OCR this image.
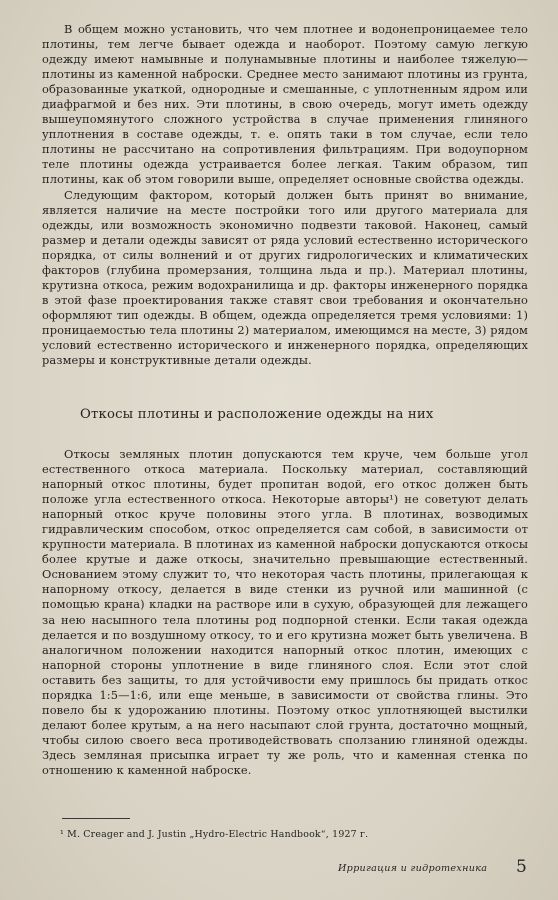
В общем можно установить, что чем плотнее и водонепроницаемее тело плотины, тем легче бывает одежда и наоборот. Поэтому самую легкую одежду имеют намывные и полунамывные плотины и наиболее тяжелую—плотины из каменной наброски. Среднее место занимают плотины из грунта, образованные укаткой, однородные и смешанные, с уплотненным ядром или диафрагмой и без них. Эти плотины, в свою очередь, могут иметь одежду вышеупомянутого сложного устройства в случае применения глиняного уплотнения в составе одежды, т. е. опять таки в том случае, если тело плотины не рассчитано на сопротивления фильтрациям. При водоупорном теле плотины одежда устраивается более легкая. Таким образом, тип плотины, как об этом говорили выше, определяет основные свойства одежды.

Следующим фактором, который должен быть принят во внимание, является наличие на месте постройки того или другого материала для одежды, или возможность экономично подвезти таковой. Наконец, самый размер и детали одежды зависят от ряда условий естественно исторического порядка, от силы волнений и от других гидрологических и климатических факторов (глубина промерзания, толщина льда и пр.). Материал плотины, крутизна откоса, режим водохранилища и др. факторы инженерного порядка в этой фазе проектирования также ставят свои требования и окончательно оформляют тип одежды. В общем, одежда определяется тремя условиями: 1) проницаемостью тела плотины 2) материалом, имеющимся на месте, 3) рядом условий естественно исторического и инженерного порядка, определяющих размеры и конструктивные детали одежды.

Откосы плотины и расположение одежды на них

Откосы земляных плотин допускаются тем круче, чем больше угол естественного откоса материала. Поскольку материал, составляющий напорный откос плотины, будет пропитан водой, его откос должен быть положе угла естественного откоса. Некоторые авторы¹) не советуют делать напорный откос круче половины этого угла. В плотинах, возводимых гидравлическим способом, откос определяется сам собой, в зависимости от крупности материала. В плотинах из каменной наброски допускаются откосы более крутые и даже откосы, значительно превышающие естественный. Основанием этому служит то, что некоторая часть плотины, прилегающая к напорному откосу, делается в виде стенки из ручной или машинной (с помощью крана) кладки на растворе или в сухую, образующей для лежащего за нею насыпного тела плотины род подпорной стенки. Если такая одежда делается и по воздушному откосу, то и его крутизна может быть увеличена. В аналогичном положении находится напорный откос плотин, имеющих с напорной стороны уплотнение в виде глиняного слоя. Если этот слой оставить без защиты, то для устойчивости ему пришлось бы придать откос порядка 1:5—1:6, или еще меньше, в зависимости от свойства глины. Это повело бы к удорожанию плотины. Поэтому откос уплотняющей выстилки делают более крутым, а на него насыпают слой грунта, достаточно мощный, чтобы силою своего веса противодействовать сползанию глиняной одежды. Здесь земляная присыпка играет ту же роль, что и каменная стенка по отношению к каменной наброске.

¹ M. Creager and J. Justin „Hydro-Electric Handbook“, 1927 г.
Ирригация и гидротехника 5
